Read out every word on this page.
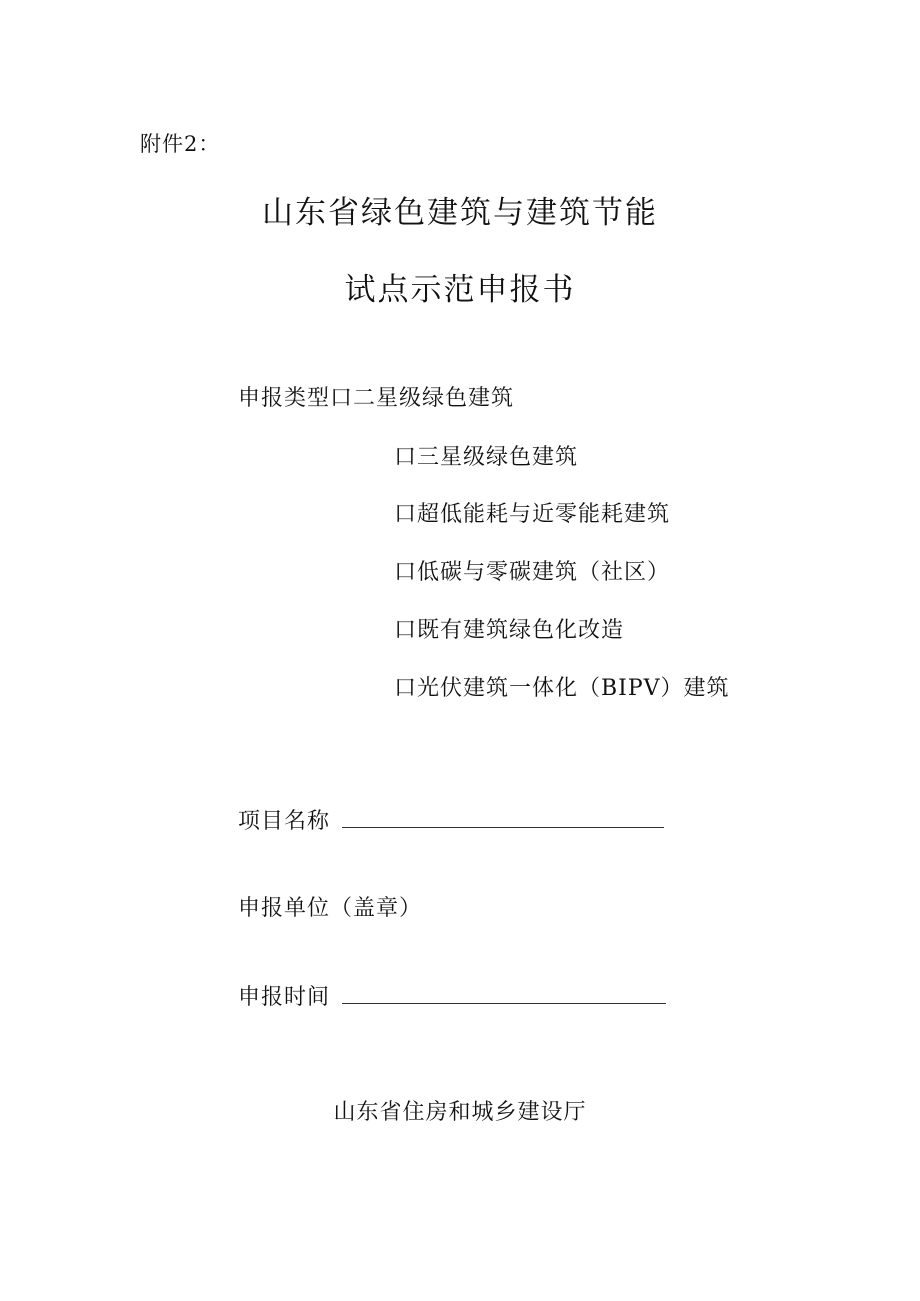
附件2：
山东省绿色建筑与建筑节能
试点示范申报书
申报类型口二星级绿色建筑
口三星级绿色建筑
口超低能耗与近零能耗建筑
口低碳与零碳建筑（社区）
口既有建筑绿色化改造
口光伏建筑一体化（BIPV）建筑
项目名称
申报单位（盖章）
申报时间
山东省住房和城乡建设厅
